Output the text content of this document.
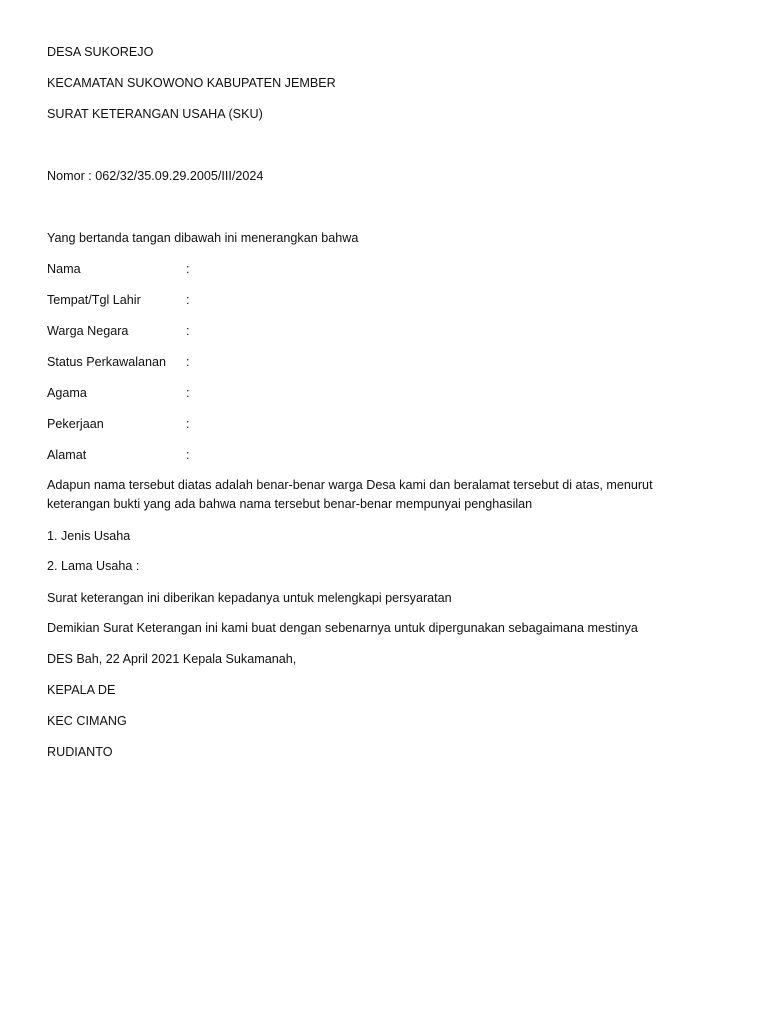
DESA SUKOREJO
KECAMATAN SUKOWONO KABUPATEN JEMBER
SURAT KETERANGAN USAHA (SKU)
Nomor : 062/32/35.09.29.2005/III/2024
Yang bertanda tangan dibawah ini menerangkan bahwa
Nama	:
Tempat/Tgl Lahir	:
Warga Negara	:
Status Perkawalanan :
Agama	:
Pekerjaan	:
Alamat	:
Adapun nama tersebut diatas adalah benar-benar warga Desa kami dan beralamat tersebut di atas, menurut keterangan bukti yang ada bahwa nama tersebut benar-benar mempunyai penghasilan
1. Jenis Usaha
2. Lama Usaha :
Surat keterangan ini diberikan kepadanya untuk melengkapi persyaratan
Demikian Surat Keterangan ini kami buat dengan sebenarnya untuk dipergunakan sebagaimana mestinya
DES Bah, 22 April 2021 Kepala Sukamanah,
KEPALA DE
KEC CIMANG
RUDIANTO
